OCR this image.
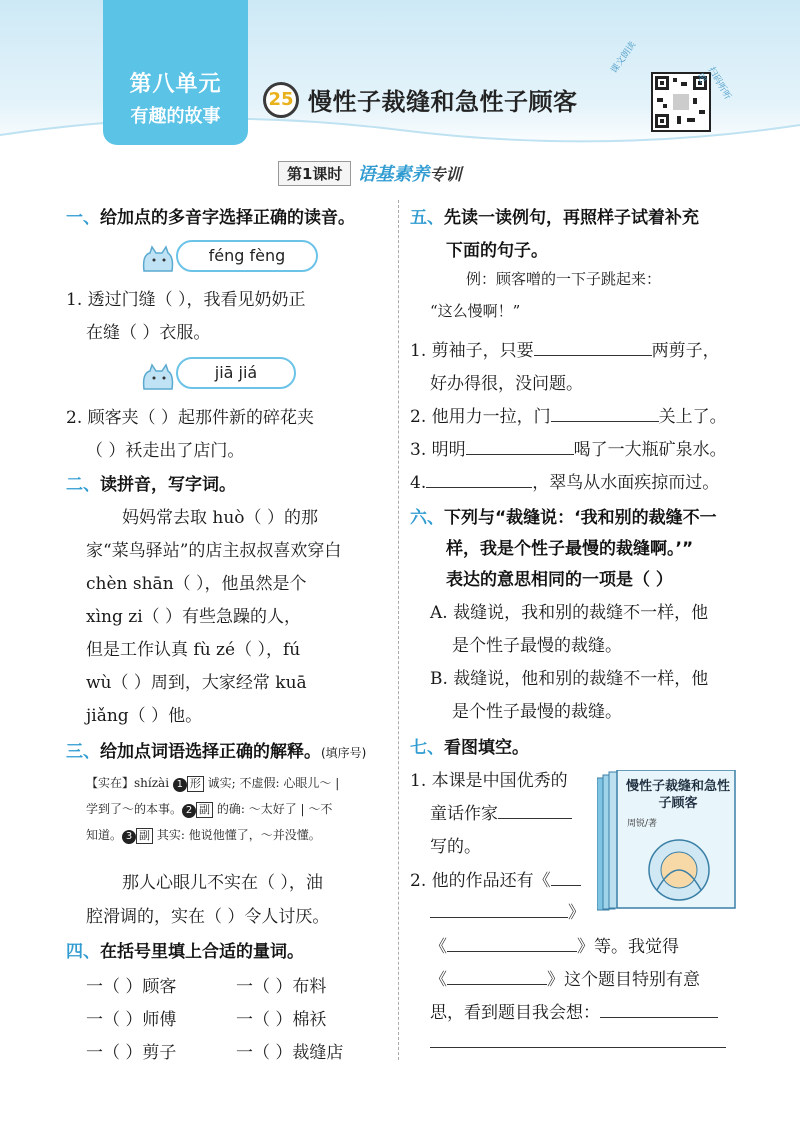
第八单元
有趣的故事
25 慢性子裁缝和急性子顾客
课文朗读
扫码听听吧
第1课时 语基素养 专训
一、给加点的多音字选择正确的读音。
féng fèng
1. 透过门缝（ ），我看见奶奶正
在缝（ ）衣服。
jiā jiá
2. 顾客夹（ ）起那件新的碎花夹
（ ）袄走出了店门。
二、读拼音，写字词。
妈妈常去取 huò（ ）的那
家“菜鸟驿站”的店主叔叔喜欢穿白
chèn shān（ ），他虽然是个
xìng zi（ ）有些急躁的人，
但是工作认真 fù zé（ ），fú
wù（ ）周到，大家经常 kuā
jiǎng（ ）他。
三、给加点词语选择正确的解释。(填序号)
【实在】shízài 1 形 诚实; 不虚假: 心眼儿～ |
学到了～的本事。 2 副 的确: ～太好了 | ～不
知道。 3 副 其实: 他说他懂了，～并没懂。
那人心眼儿不实在（ ），油
腔滑调的，实在（ ）令人讨厌。
四、在括号里填上合适的量词。
一（ ）顾客	一（ ）布料
一（ ）师傅	一（ ）棉袄
一（ ）剪子	一（ ）裁缝店
五、先读一读例句，再照样子试着补充
下面的句子。
例：顾客噌的一下子跳起来：
“这么慢啊！”
1. 剪袖子，只要	两剪子，
好办得很，没问题。
2. 他用力一拉，门	关上了。
3. 明明	喝了一大瓶矿泉水。
4.	，翠鸟从水面疾掠而过。
六、下列与“裁缝说：‘我和别的裁缝不一
样，我是个性子最慢的裁缝啊。’”
表达的意思相同的一项是（ ）
A. 裁缝说，我和别的裁缝不一样，他
是个性子最慢的裁缝。
B. 裁缝说，他和别的裁缝不一样，他
是个性子最慢的裁缝。
七、看图填空。
1. 本课是中国优秀的
童话作家
写的。
2. 他的作品还有《
》
《	》等。我觉得
《	》这个题目特别有意
思，看到题目我会想：
慢性子裁缝和急性子顾客
周锐/著
